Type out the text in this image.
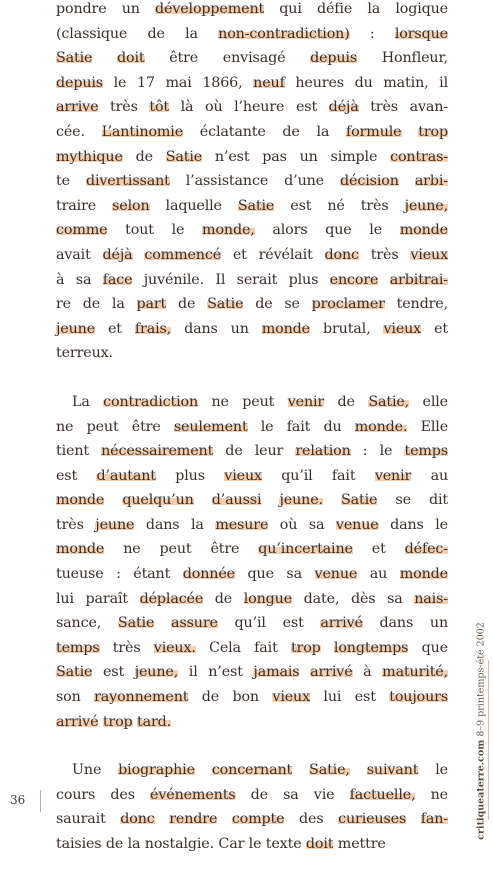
pondre un développement qui défie la logique
(classique de la non-contradiction) : lorsque
Satie doit être envisagé depuis Honfleur,
depuis le 17 mai 1866, neuf heures du matin, il
arrive très tôt là où l’heure est déjà très avan-
cée. L’antinomie éclatante de la formule trop
mythique de Satie n’est pas un simple contras-
te divertissant l’assistance d’une décision arbi-
traire selon laquelle Satie est né très jeune,
comme tout le monde, alors que le monde
avait déjà commencé et révélait donc très vieux
à sa face juvénile. Il serait plus encore arbitrai-
re de la part de Satie de se proclamer tendre,
jeune et frais, dans un monde brutal, vieux et
terreux.
La contradiction ne peut venir de Satie, elle
ne peut être seulement le fait du monde. Elle
tient nécessairement de leur relation : le temps
est d’autant plus vieux qu’il fait venir au
monde quelqu’un d’aussi jeune. Satie se dit
très jeune dans la mesure où sa venue dans le
monde ne peut être qu’incertaine et défec-
tueuse : étant donnée que sa venue au monde
lui paraît déplacée de longue date, dès sa nais-
sance, Satie assure qu’il est arrivé dans un
temps très vieux. Cela fait trop longtemps que
Satie est jeune, il n’est jamais arrivé à maturité,
son rayonnement de bon vieux lui est toujours
arrivé trop tard.
Une biographie concernant Satie, suivant le
cours des événements de sa vie factuelle, ne
saurait donc rendre compte des curieuses fan-
taisies de la nostalgie. Car le texte doit mettre
36	critiqueaterre.com 8–9 printemps-été 2002
